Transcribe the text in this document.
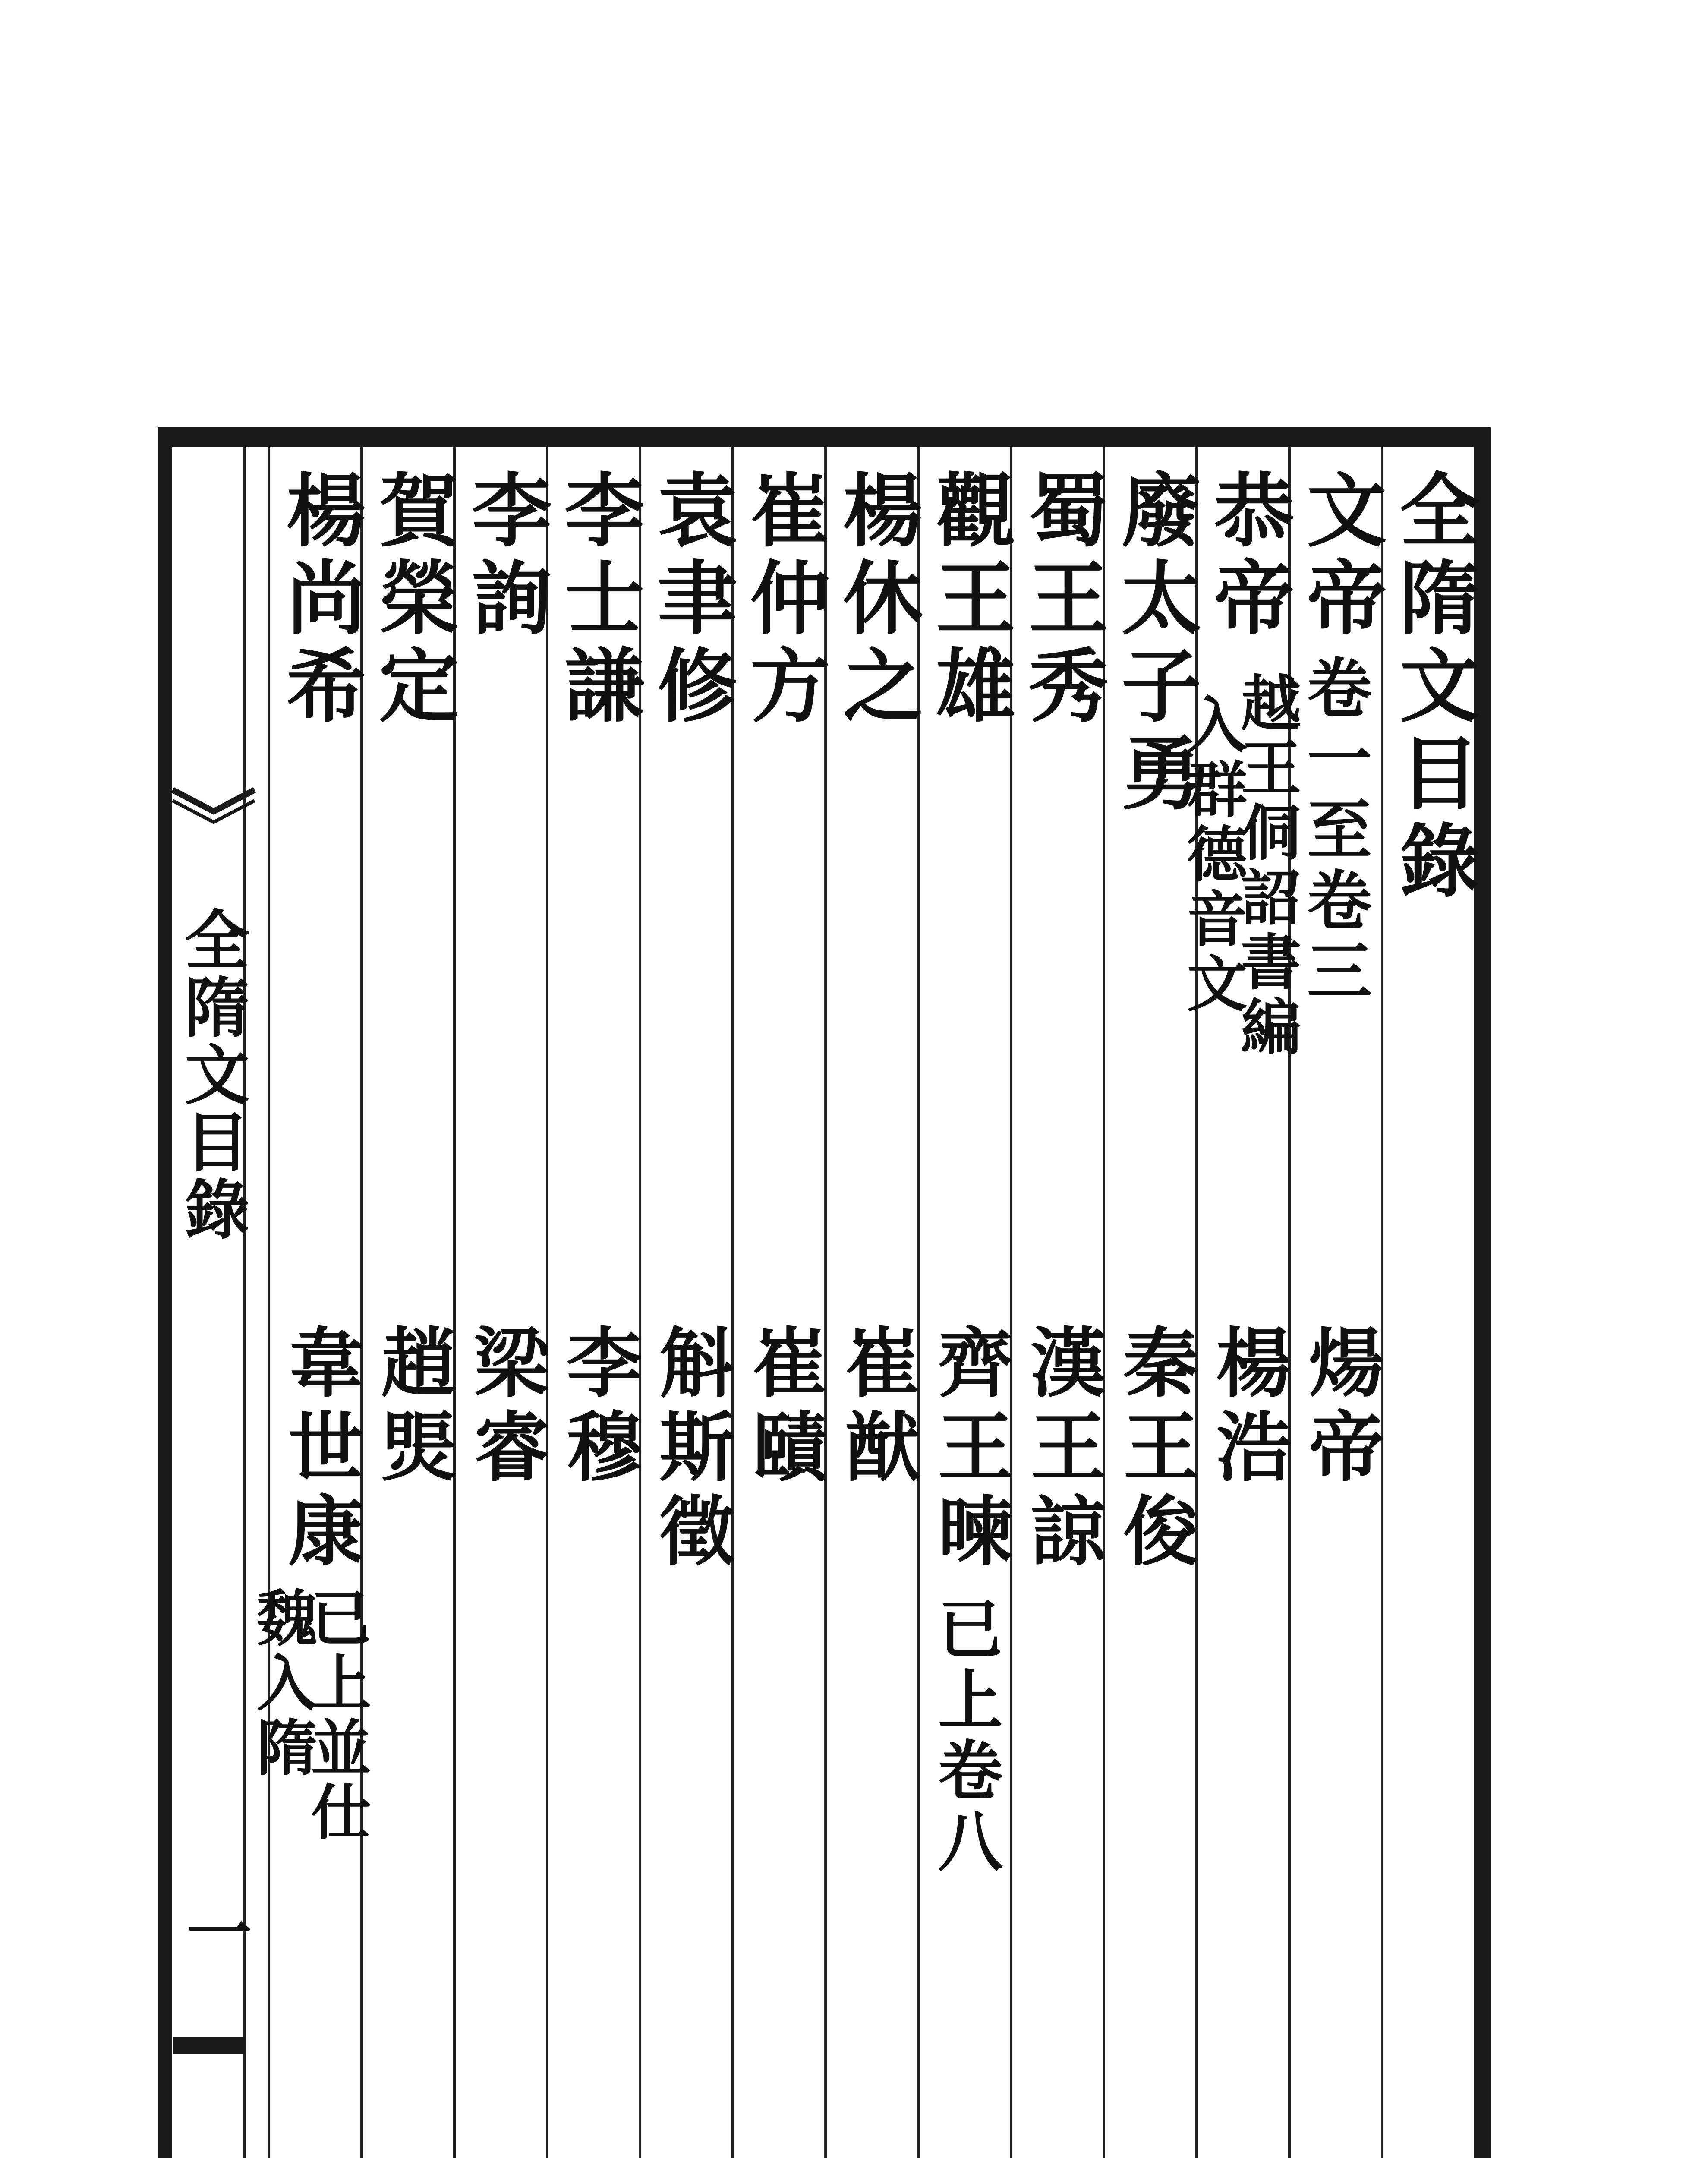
全隋文目錄
一
全隋文目錄
文帝
卷一至卷三
煬帝
恭帝
越王侗詔書編
入群德音文
楊浩
廢太子勇
秦王俊
蜀王秀
漢王諒
觀王雄
齊王暕
已上卷八
楊休之
崔猷
崔仲方
崔賾
袁聿修
斛斯徵
李士謙
李穆
李詢
梁睿
賀榮定
趙煚
楊尚希
韋世康
已上並仕
魏入隋
